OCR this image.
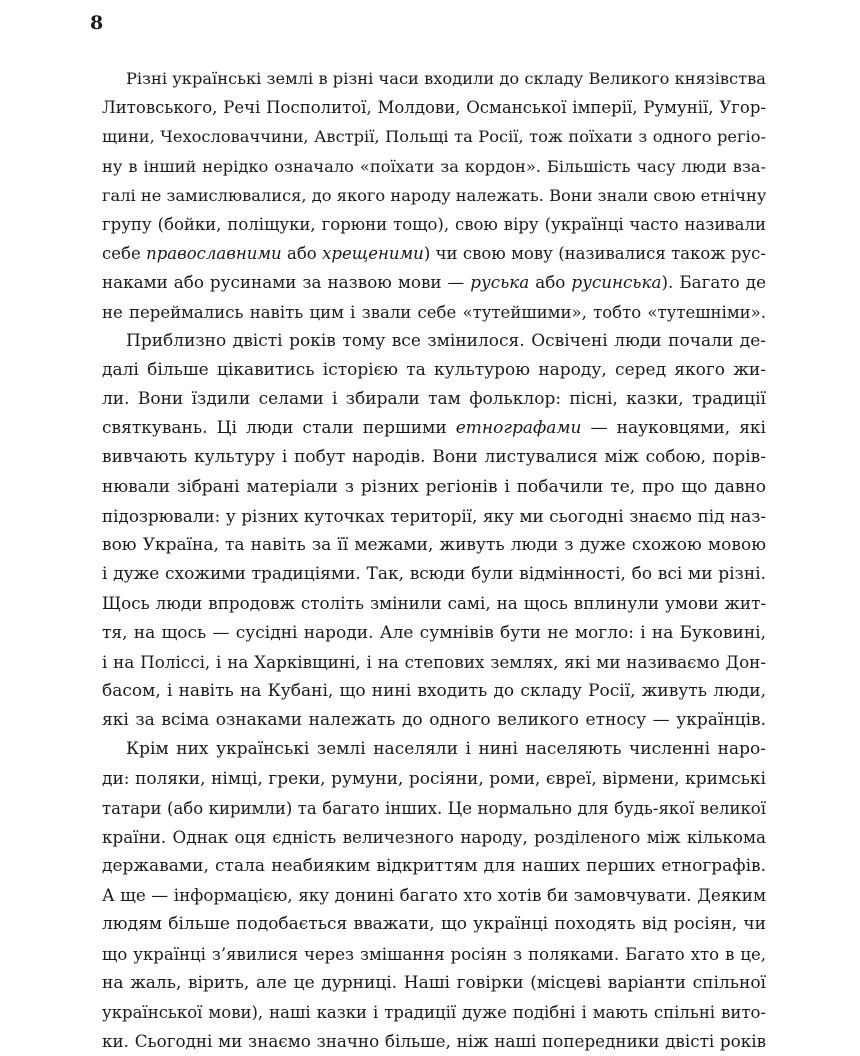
8
Різні українські землі в різні часи входили до складу Великого князівства
Литовського, Речі Посполитої, Молдови, Османської імперії, Румунії, Угор-
щини, Чехословаччини, Австрії, Польщі та Росії, тож поїхати з одного регіо-
ну в інший нерідко означало «поїхати за кордон». Більшість часу люди вза-
галі не замислювалися, до якого народу належать. Вони знали свою етнічну
групу (бойки, поліщуки, горюни тощо), свою віру (українці часто називали
себе православними або хрещеними) чи свою мову (називалися також рус-
наками або русинами за назвою мови — руська або русинська). Багато де
не переймались навіть цим і звали себе «тутейшими», тобто «тутешніми».
Приблизно двісті років тому все змінилося. Освічені люди почали де-
далі більше цікавитись історією та культурою народу, серед якого жи-
ли. Вони їздили селами і збирали там фольклор: пісні, казки, традиції
святкувань. Ці люди стали першими етнографами — науковцями, які
вивчають культуру і побут народів. Вони листувалися між собою, порів-
нювали зібрані матеріали з різних регіонів і побачили те, про що давно
підозрювали: у різних куточках території, яку ми сьогодні знаємо під наз-
вою Україна, та навіть за її межами, живуть люди з дуже схожою мовою
і дуже схожими традиціями. Так, всюди були відмінності, бо всі ми різні.
Щось люди впродовж століть змінили самі, на щось вплинули умови жит-
тя, на щось — сусідні народи. Але сумнівів бути не могло: і на Буковині,
і на Поліссі, і на Харківщині, і на степових землях, які ми називаємо Дон-
басом, і навіть на Кубані, що нині входить до складу Росії, живуть люди,
які за всіма ознаками належать до одного великого етносу — українців.
Крім них українські землі населяли і нині населяють численні наро-
ди: поляки, німці, греки, румуни, росіяни, роми, євреї, вірмени, кримські
татари (або киримли) та багато інших. Це нормально для будь-якої великої
країни. Однак оця єдність величезного народу, розділеного між кількома
державами, стала неабияким відкриттям для наших перших етнографів.
А ще — інформацією, яку донині багато хто хотів би замовчувати. Деяким
людям більше подобається вважати, що українці походять від росіян, чи
що українці з’явилися через змішання росіян з поляками. Багато хто в це,
на жаль, вірить, але це дурниці. Наші говірки (місцеві варіанти спільної
української мови), наші казки і традиції дуже подібні і мають спільні вито-
ки. Сьогодні ми знаємо значно більше, ніж наші попередники двісті років
